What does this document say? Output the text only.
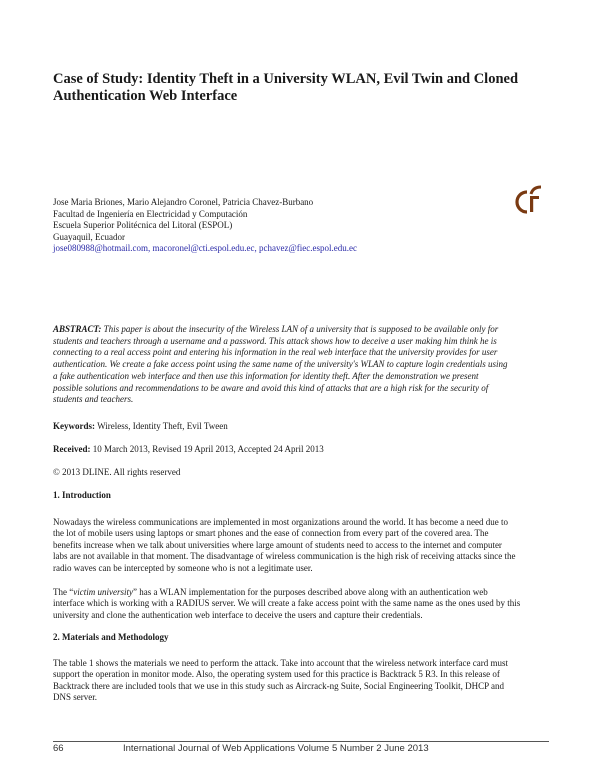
Case of Study: Identity Theft in a University WLAN, Evil Twin and Cloned
Authentication Web Interface
Jose Maria Briones, Mario Alejandro Coronel, Patricia Chavez-Burbano
Facultad de Ingeniería en Electricidad y Computación
Escuela Superior Politécnica del Litoral (ESPOL)
Guayaquil, Ecuador
jose080988@hotmail.com, macoronel@cti.espol.edu.ec, pchavez@fiec.espol.edu.ec
ABSTRACT: This paper is about the insecurity of the Wireless LAN of a university that is supposed to be available only for
students and teachers through a username and a password. This attack shows how to deceive a user making him think he is
connecting to a real access point and entering his information in the real web interface that the university provides for user
authentication. We create a fake access point using the same name of the university's WLAN to capture login credentials using
a fake authentication web interface and then use this information for identity theft. After the demonstration we present
possible solutions and recommendations to be aware and avoid this kind of attacks that are a high risk for the security of
students and teachers.
Keywords: Wireless, Identity Theft, Evil Tween
Received: 10 March 2013, Revised 19 April 2013, Accepted 24 April 2013
© 2013 DLINE. All rights reserved
1. Introduction
Nowadays the wireless communications are implemented in most organizations around the world. It has become a need due to
the lot of mobile users using laptops or smart phones and the ease of connection from every part of the covered area. The
benefits increase when we talk about universities where large amount of students need to access to the internet and computer
labs are not available in that moment. The disadvantage of wireless communication is the high risk of receiving attacks since the
radio waves can be intercepted by someone who is not a legitimate user.
The “victim university” has a WLAN implementation for the purposes described above along with an authentication web
interface which is working with a RADIUS server. We will create a fake access point with the same name as the ones used by this
university and clone the authentication web interface to deceive the users and capture their credentials.
2. Materials and Methodology
The table 1 shows the materials we need to perform the attack. Take into account that the wireless network interface card must
support the operation in monitor mode. Also, the operating system used for this practice is Backtrack 5 R3. In this release of
Backtrack there are included tools that we use in this study such as Aircrack-ng Suite, Social Engineering Toolkit, DHCP and
DNS server.
66	International Journal of Web Applications Volume 5 Number 2 June 2013
